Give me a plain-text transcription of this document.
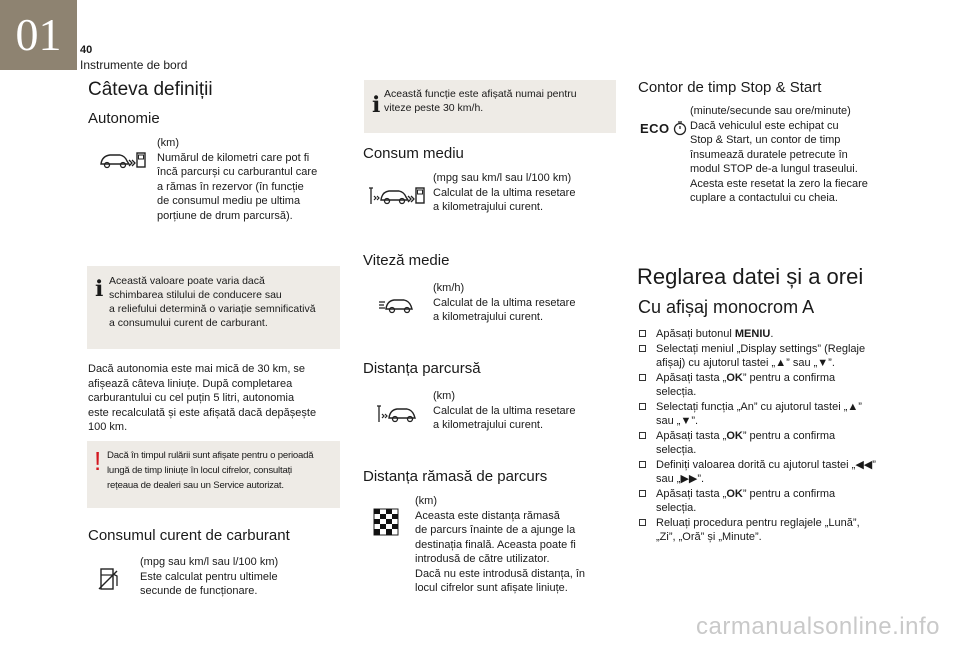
01	40
Instrumente de bord
Câteva definiții
Autonomie
(km)
Numărul de kilometri care pot fi
încă parcurși cu carburantul care
a rămas în rezervor (în funcție
de consumul mediu pe ultima
porțiune de drum parcursă).
ℹ Această valoare poate varia dacă
schimbarea stilului de conducere sau
a reliefului determină o variație semnificativă
a consumului curent de carburant.
Dacă autonomia este mai mică de 30 km, se
afișează câteva liniuțe. După completarea
carburantului cu cel puțin 5 litri, autonomia
este recalculată și este afișată dacă depășește
100 km.
! Dacă în timpul rulării sunt afișate pentru o perioadă
lungă de timp liniuțe în locul cifrelor, consultați
rețeaua de dealeri sau un Service autorizat.
Consumul curent de carburant
(mpg sau km/l sau l/100 km)
Este calculat pentru ultimele
secunde de funcționare.
ℹ Această funcție este afișată numai pentru
viteze peste 30 km/h.
Consum mediu
(mpg sau km/l sau l/100 km)
Calculat de la ultima resetare
a kilometrajului curent.
Viteză medie
(km/h)
Calculat de la ultima resetare
a kilometrajului curent.
Distanța parcursă
(km)
Calculat de la ultima resetare
a kilometrajului curent.
Distanța rămasă de parcurs
(km)
Aceasta este distanța rămasă
de parcurs înainte de a ajunge la
destinația finală. Aceasta poate fi
introdusă de către utilizator.
Dacă nu este introdusă distanța, în
locul cifrelor sunt afișate liniuțe.
Contor de timp Stop & Start
ECO
(minute/secunde sau ore/minute)
Dacă vehiculul este echipat cu
Stop & Start, un contor de timp
însumează duratele petrecute în
modul STOP de-a lungul traseului.
Acesta este resetat la zero la fiecare
cuplare a contactului cu cheia.
Reglarea datei și a orei
Cu afișaj monocrom A
Apăsați butonul MENIU.
Selectați meniul „Display settings” (Reglaje
afișaj) cu ajutorul tastei „▲” sau „▼”.
Apăsați tasta „OK” pentru a confirma
selecția.
Selectați funcția „An” cu ajutorul tastei „▲”
sau „▼”.
Apăsați tasta „OK” pentru a confirma
selecția.
Definiți valoarea dorită cu ajutorul tastei „◀◀”
sau „▶▶”.
Apăsați tasta „OK” pentru a confirma
selecția.
Reluați procedura pentru reglajele „Lună”,
„Zi”, „Oră” și „Minute”.
carmanualsonline.info
